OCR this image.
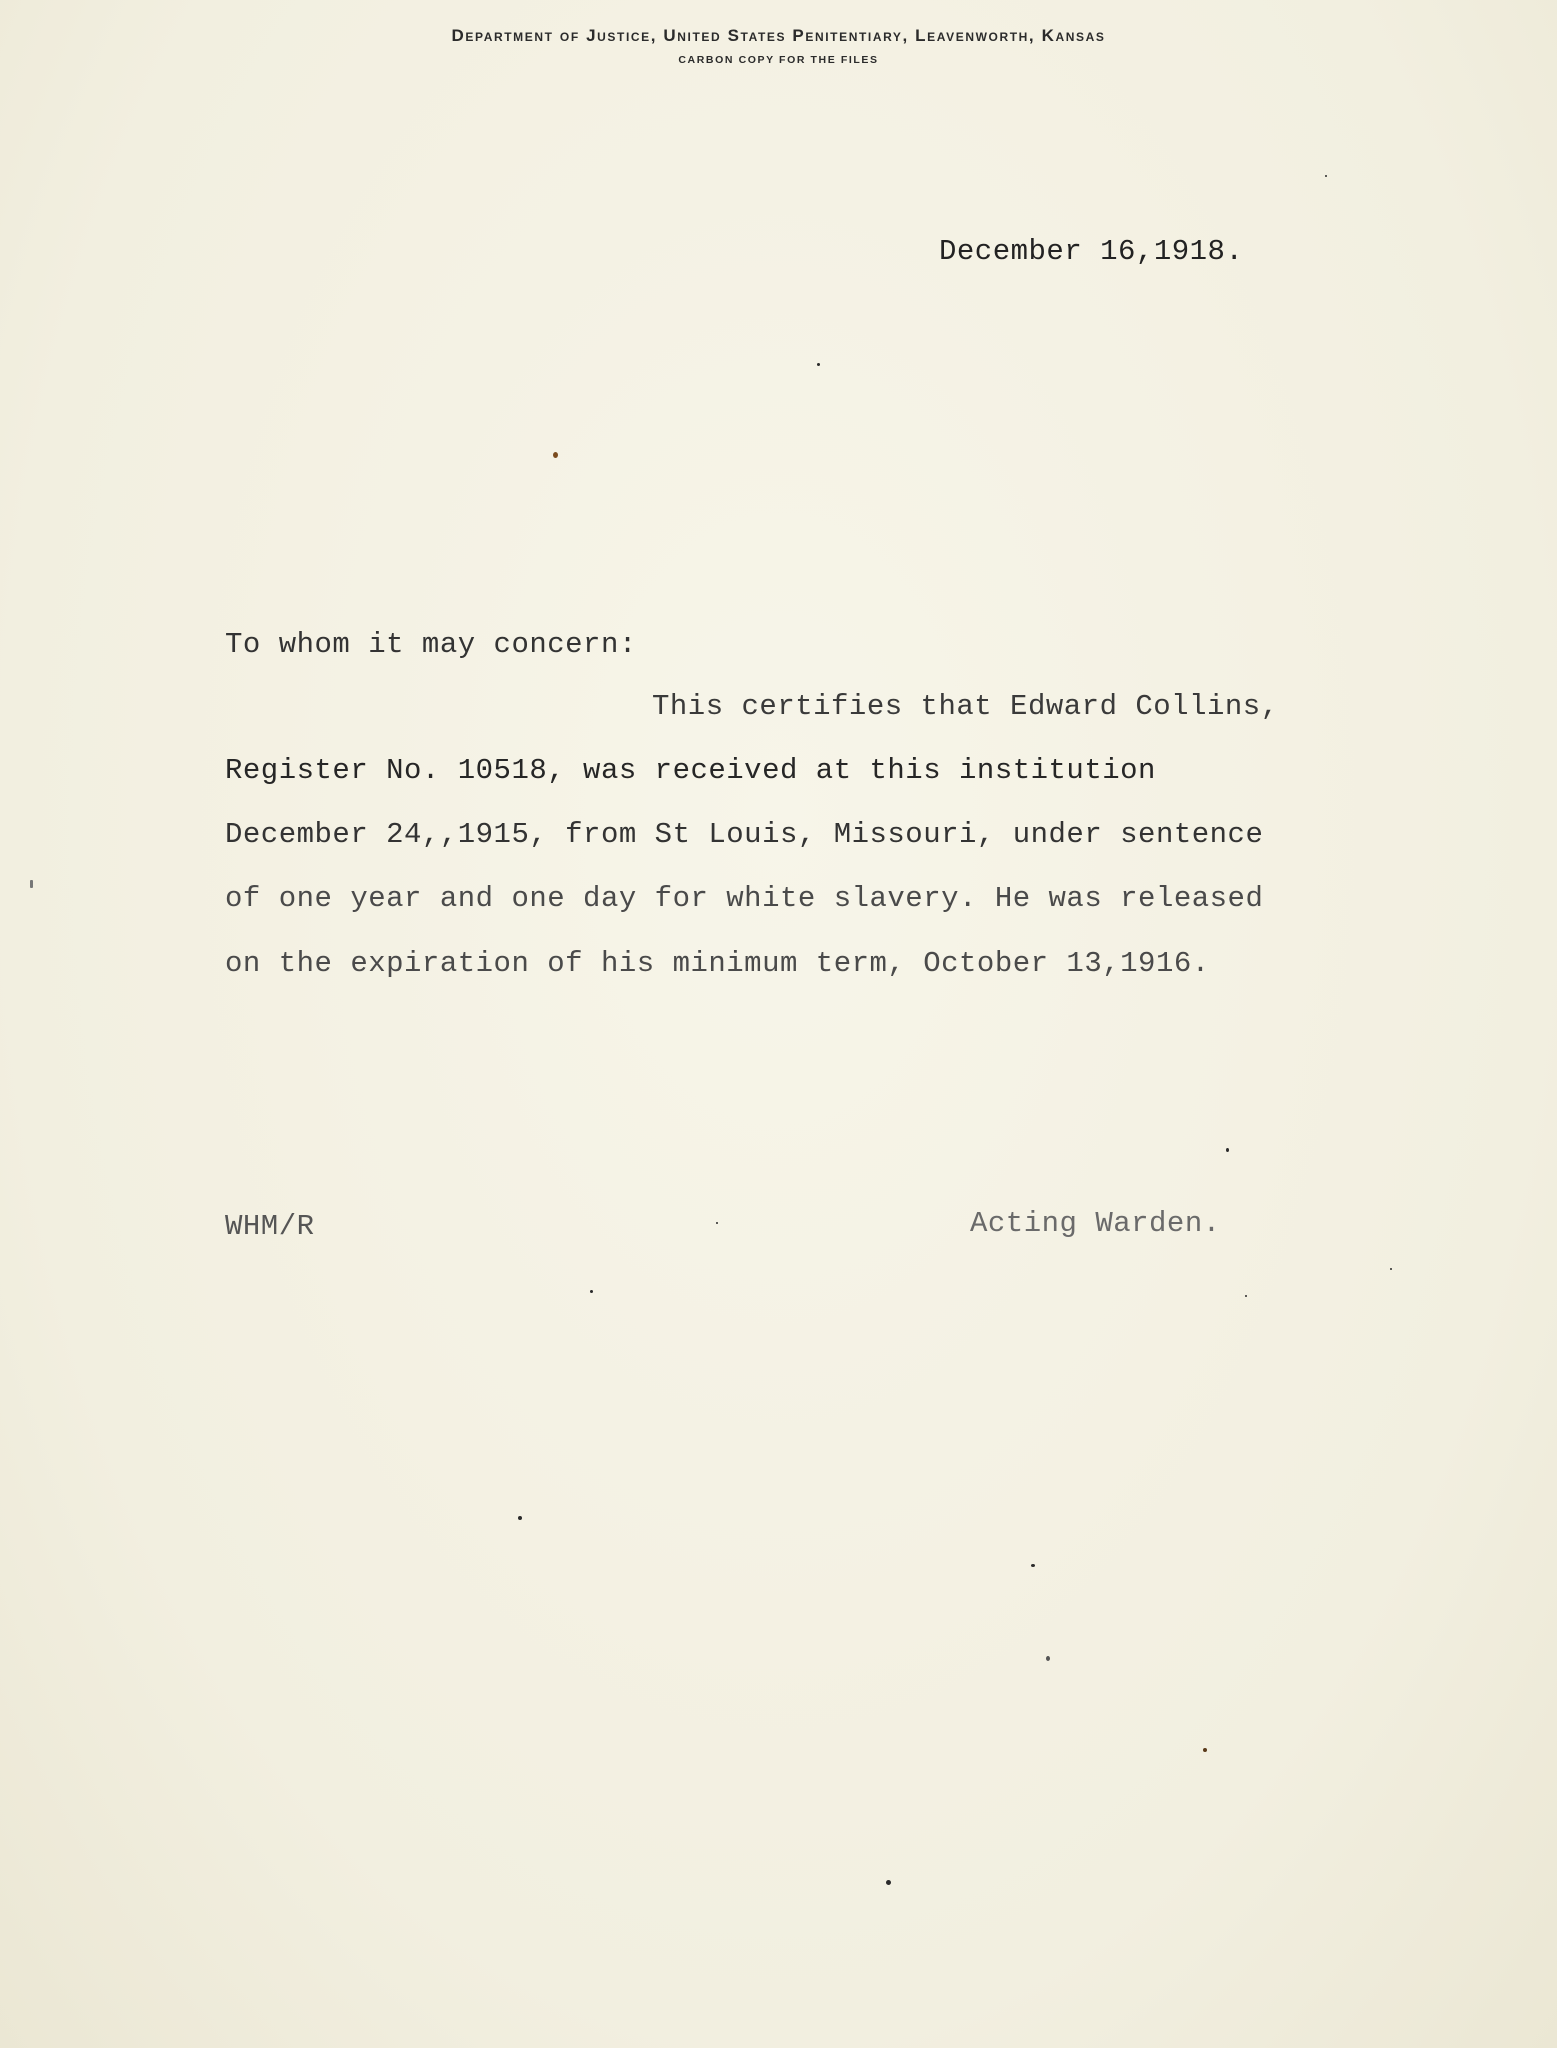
Department of Justice, United States Penitentiary, Leavenworth, Kansas
CARBON COPY FOR THE FILES
December 16,1918.
To whom it may concern:
This certifies that Edward Collins,
Register No. 10518, was received at this institution
December 24,,1915, from St Louis, Missouri, under sentence
of one year and one day for white slavery. He was released
on the expiration of his minimum term, October 13,1916.
WHM/R	Acting Warden.
